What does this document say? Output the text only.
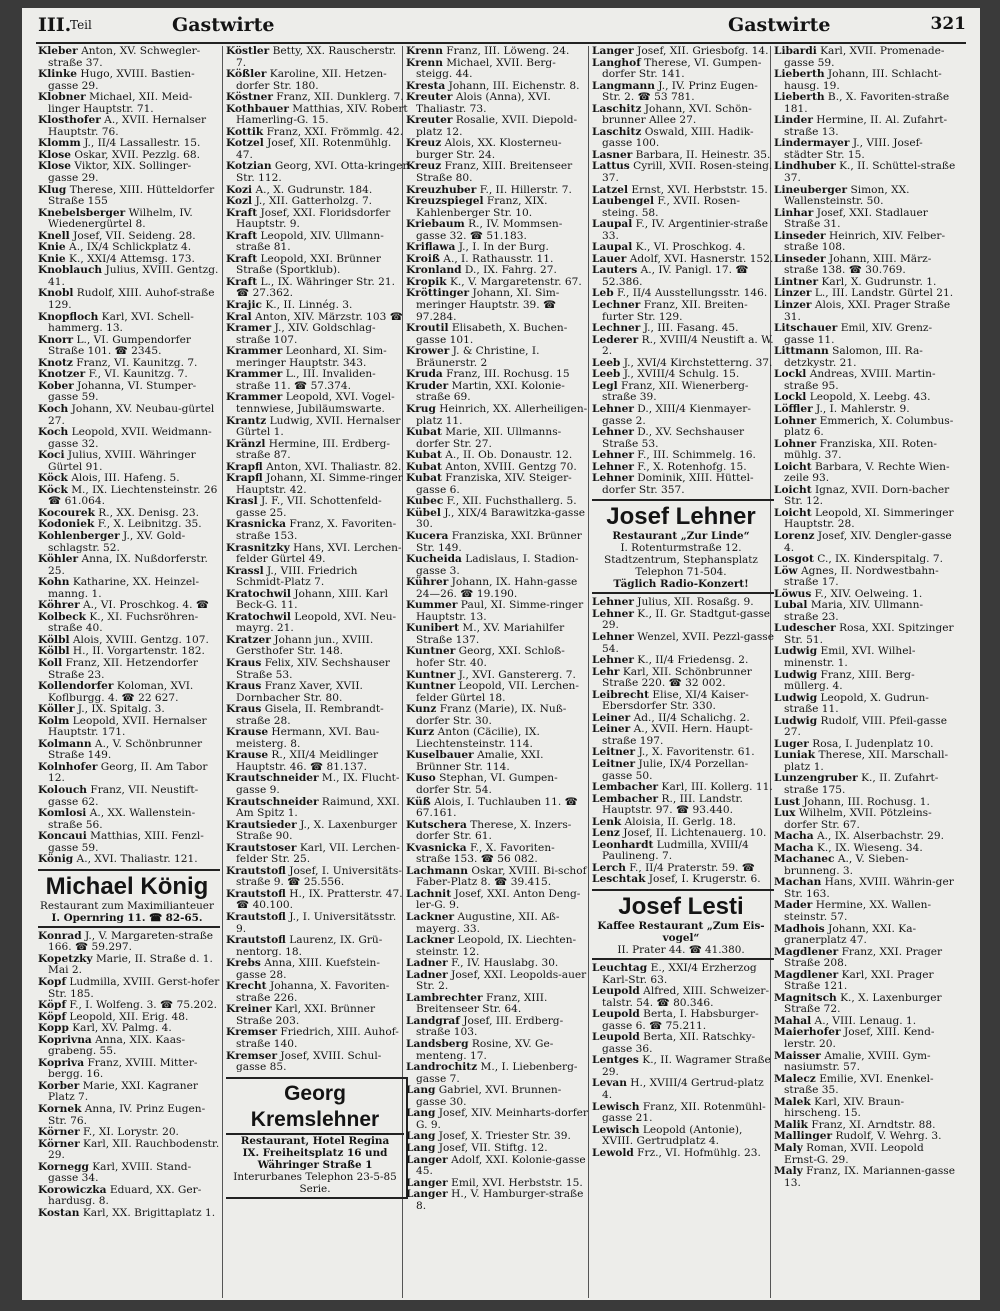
III.
Teil	Gastwirte	Gastwirte	321

Kleber Anton, XV. Schwegler-straße 37.

Klinke Hugo, XVIII. Bastien-gasse 29.

Klobner Michael, XII. Meid-linger Hauptstr. 71.

Klosthofer A., XVII. Hernalser Hauptstr. 76.

Klomm J., II/4 Lassallestr. 15.

Klose Oskar, XVII. Pezzlg. 68.

Klose Viktor, XIX. Sollinger-gasse 29.

Klug Therese, XIII. Hütteldorfer Straße 155

Knebelsberger Wilhelm, IV. Wiedenergürtel 8.

Knell Josef, VII. Seideng. 28.

Knie A., IX/4 Schlickplatz 4.

Knie K., XXI/4 Attemsg. 173.

Knoblauch Julius, XVIII. Gentzg. 41.

Knobl Rudolf, XIII. Auhof-straße 129.

Knopfloch Karl, XVI. Schell-hammerg. 13.

Knorr L., VI. Gumpendorfer Straße 101. ☎ 2345.

Knotz Franz, VI. Kaunitzg. 7.

Knotzer F., VI. Kaunitzg. 7.

Kober Johanna, VI. Stumper-gasse 59.

Koch Johann, XV. Neubau-gürtel 27.

Koch Leopold, XVII. Weidmann-gasse 32.

Koci Julius, XVIII. Währinger Gürtel 91.

Köck Alois, III. Hafeng. 5.

Köck M., IX. Liechtensteinstr. 26 ☎ 61.064.

Kocourek R., XX. Denisg. 23.

Kodoniek F., X. Leibnitzg. 35.

Kohlenberger J., XV. Gold-schlagstr. 52.

Köhler Anna, IX. Nußdorferstr. 25.

Kohn Katharine, XX. Heinzel-manng. 1.

Köhrer A., VI. Proschkog. 4. ☎

Kolbeck K., XI. Fuchsröhren-straße 40.

Kölbl Alois, XVIII. Gentzg. 107.

Kölbl H., II. Vorgartenstr. 182.

Koll Franz, XII. Hetzendorfer Straße 23.

Kollendorfer Koloman, XVI. Koflburgg. 4. ☎ 22 627.

Köller J., IX. Spitalg. 3.

Kolm Leopold, XVII. Hernalser Hauptstr. 171.

Kolmann A., V. Schönbrunner Straße 149.

Kolnhofer Georg, II. Am Tabor 12.

Kolouch Franz, VII. Neustift-gasse 62.

Komlosi A., XX. Wallenstein-straße 56.

Koncaui Matthias, XIII. Fenzl-gasse 59.

König A., XVI. Thaliastr. 121.

Michael König
Restaurant zum Maximilianteuer
I. Opernring 11. ☎ 82-65.

Konrad J., V. Margareten-straße 166. ☎ 59.297.

Kopetzky Marie, II. Straße d. 1. Mai 2.

Kopf Ludmilla, XVIII. Gerst-hofer Str. 185.

Köpf F., I. Wolfeng. 3. ☎ 75.202.

Köpf Leopold, XII. Erig. 48.

Kopp Karl, XV. Palmg. 4.

Koprivna Anna, XIX. Kaas-grabeng. 55.

Kopriva Franz, XVIII. Mitter-bergg. 16.

Korber Marie, XXI. Kagraner Platz 7.

Kornek Anna, IV. Prinz Eugen-Str. 76.

Körner F., XI. Lorystr. 20.

Körner Karl, XII. Rauchbodenstr. 29.

Kornegg Karl, XVIII. Stand-gasse 34.

Korowiczka Eduard, XX. Ger-hardusg. 8.

Kostan Karl, XX. Brigittaplatz 1.

Köstler Betty, XX. Rauscherstr. 7.

Kößler Karoline, XII. Hetzen-dorfer Str. 180.

Köstner Franz, XII. Dunklerg. 7.

Kothbauer Matthias, XIV. Robert Hamerling-G. 15.

Kottik Franz, XXI. Frömmlg. 42.

Kotzel Josef, XII. Rotenmühlg. 47.

Kotzian Georg, XVI. Otta-kringer Str. 112.

Kozi A., X. Gudrunstr. 184.

Kozl J., XII. Gatterholzg. 7.

Kraft Josef, XXI. Floridsdorfer Hauptstr. 9.

Kraft Leopold, XIV. Ullmann-straße 81.

Kraft Leopold, XXI. Brünner Straße (Sportklub).

Kraft L., IX. Währinger Str. 21. ☎ 27.362.

Krajic K., II. Linnég. 3.

Kral Anton, XIV. Märzstr. 103 ☎

Kramer J., XIV. Goldschlag-straße 107.

Krammer Leonhard, XI. Sim-meringer Hauptstr. 343.

Krammer L., III. Invaliden-straße 11. ☎ 57.374.

Krammer Leopold, XVI. Vogel-tennwiese, Jubiläumswarte.

Krantz Ludwig, XVII. Hernalser Gürtel 1.

Kränzl Hermine, III. Erdberg-straße 87.

Krapfl Anton, XVI. Thaliastr. 82.

Krapfl Johann, XI. Simme-ringer Hauptstr. 42.

Krasl J. F., VII. Schottenfeld-gasse 25.

Krasnicka Franz, X. Favoriten-straße 153.

Krasnitzky Hans, XVI. Lerchen-felder Gürtel 49.

Krassl J., VIII. Friedrich Schmidt-Platz 7.

Kratochwil Johann, XIII. Karl Beck-G. 11.

Kratochwil Leopold, XVI. Neu-mayrg. 21.

Kratzer Johann jun., XVIII. Gersthofer Str. 148.

Kraus Felix, XIV. Sechshauser Straße 53.

Kraus Franz Xaver, XVII. Dornbacher Str. 80.

Kraus Gisela, II. Rembrandt-straße 28.

Krause Hermann, XVI. Bau-meisterg. 8.

Krause R., XII/4 Meidlinger Hauptstr. 46. ☎ 81.137.

Krautschneider M., IX. Flucht-gasse 9.

Krautschneider Raimund, XXI. Am Spitz 1.

Krautsieder J., X. Laxenburger Straße 90.

Krautstoser Karl, VII. Lerchen-felder Str. 25.

Krautstofl Josef, I. Universitäts-straße 9. ☎ 25.556.

Krautstofl H., IX. Pratterstr. 47. ☎ 40.100.

Krautstofl J., I. Universitätsstr. 9.

Krautstofl Laurenz, IX. Grü-nentorg. 18.

Krebs Anna, XIII. Kuefstein-gasse 28.

Krecht Johanna, X. Favoriten-straße 226.

Kreiner Karl, XXI. Brünner Straße 203.

Kremser Friedrich, XIII. Auhof-straße 140.

Kremser Josef, XVIII. Schul-gasse 85.

Georg Kremslehner
Restaurant, Hotel Regina
IX. Freiheitsplatz 16 und Währinger Straße 1
Interurbanes Telephon 23-5-85 Serie.

Krenn Franz, III. Löweng. 24.

Krenn Michael, XVII. Berg-steigg. 44.

Kresta Johann, III. Eichenstr. 8.

Kreuter Alois (Anna), XVI. Thaliastr. 73.

Kreuter Rosalie, XVII. Diepold-platz 12.

Kreuz Alois, XX. Klosterneu-burger Str. 24.

Kreuz Franz, XIII. Breitenseer Straße 80.

Kreuzhuber F., II. Hillerstr. 7.

Kreuzspiegel Franz, XIX. Kahlenberger Str. 10.

Kriebaum R., IV. Mommsen-gasse 32. ☎ 51.183.

Kriflawa J., I. In der Burg.

Kroiß A., I. Rathausstr. 11.

Kronland D., IX. Fahrg. 27.

Kropik K., V. Margaretenstr. 67.

Kröttinger Johann, XI. Sim-meringer Hauptstr. 39. ☎ 97.284.

Kroutil Elisabeth, X. Buchen-gasse 101.

Krower J. & Christine, I. Bräunerstr. 2

Kruda Franz, III. Rochusg. 15

Kruder Martin, XXI. Kolonie-straße 69.

Krug Heinrich, XX. Allerheiligen-platz 11.

Kubat Marie, XII. Ullmanns-dorfer Str. 27.

Kubat A., II. Ob. Donaustr. 12.

Kubat Anton, XVIII. Gentzg 70.

Kubat Franziska, XIV. Steiger-gasse 6.

Kubec F., XII. Fuchsthallerg. 5.

Kübel J., XIX/4 Barawitzka-gasse 30.

Kucera Franziska, XXI. Brünner Str. 149.

Kucheida Ladislaus, I. Stadion-gasse 3.

Kührer Johann, IX. Hahn-gasse 24—26. ☎ 19.190.

Kummer Paul, XI. Simme-ringer Hauptstr. 13.

Kunibert M., XV. Mariahilfer Straße 137.

Kuntner Georg, XXI. Schloß-hofer Str. 40.

Kuntner J., XVI. Ganstererg. 7.

Kuntner Leopold, VII. Lerchen-felder Gürtel 18.

Kunz Franz (Marie), IX. Nuß-dorfer Str. 30.

Kurz Anton (Cäcilie), IX. Liechtensteinstr. 114.

Kuselbauer Amalie, XXI. Brünner Str. 114.

Kuso Stephan, VI. Gumpen-dorfer Str. 54.

Küß Alois, I. Tuchlauben 11. ☎ 67.161.

Kutschera Therese, X. Inzers-dorfer Str. 61.

Kvasnicka F., X. Favoriten-straße 153. ☎ 56 082.

Lachmann Oskar, XVIII. Bi-schof Faber-Platz 8. ☎ 39.415.

Lachnit Josef, XXI. Anton Deng-ler-G. 9.

Lackner Augustine, XII. Aß-mayerg. 33.

Lackner Leopold, IX. Liechten-steinstr. 12.

Ladner F., IV. Hauslabg. 30.

Ladner Josef, XXI. Leopolds-auer Str. 2.

Lambrechter Franz, XIII. Breitenseer Str. 64.

Landgraf Josef, III. Erdberg-straße 103.

Landsberg Rosine, XV. Ge-menteng. 17.

Landrochitz M., I. Liebenberg-gasse 7.

Lang Gabriel, XVI. Brunnen-gasse 30.

Lang Josef, XIV. Meinharts-dorfer G. 9.

Lang Josef, X. Triester Str. 39.

Lang Josef, VII. Stiftg. 12.

Langer Adolf, XXI. Kolonie-gasse 45.

Langer Emil, XVI. Herbststr. 15.

Langer H., V. Hamburger-straße 8.

Langer Josef, XII. Griesbofg. 14.

Langhof Therese, VI. Gumpen-dorfer Str. 141.

Langmann J., IV. Prinz Eugen-Str. 2. ☎ 53 781.

Laschitz Johann, XVI. Schön-brunner Allee 27.

Laschitz Oswald, XIII. Hadik-gasse 100.

Lasner Barbara, II. Heinestr. 35.

Lattus Cyrill, XVII. Rosen-steing. 37.

Latzel Ernst, XVI. Herbststr. 15.

Laubengel F., XVII. Rosen-steing. 58.

Laupal F., IV. Argentinier-straße 33.

Laupal K., VI. Proschkog. 4.

Lauer Adolf, XVI. Hasnerstr. 152.

Lauters A., IV. Panigl. 17. ☎ 52.386.

Leb F., II/4 Ausstellungsstr. 146.

Lechner Franz, XII. Breiten-furter Str. 129.

Lechner J., III. Fasang. 45.

Lederer R., XVIII/4 Neustift a. W. 2.

Leeb J., XVI/4 Kirchstetterng. 37.

Leeb J., XVIII/4 Schulg. 15.

Legl Franz, XII. Wienerberg-straße 39.

Lehner D., XIII/4 Kienmayer-gasse 2.

Lehner D., XV. Sechshauser Straße 53.

Lehner F., III. Schimmelg. 16.

Lehner F., X. Rotenhofg. 15.

Lehner Dominik, XIII. Hüttel-dorfer Str. 357.

Josef Lehner
Restaurant „Zur Linde“
I. Rotenturmstraße 12.
Stadtzentrum, Stephansplatz
Telephon 71-504.
Täglich Radio-Konzert!

Lehner Julius, XII. Rosaßg. 9.

Lehner K., II. Gr. Stadtgut-gasse 29.

Lehner Wenzel, XVII. Pezzl-gasse 54.

Lehner K., II/4 Friedensg. 2.

Lehr Karl, XII. Schönbrunner Straße 220. ☎ 32 002.

Leibrecht Elise, XI/4 Kaiser-Ebersdorfer Str. 330.

Leiner Ad., II/4 Schalichg. 2.

Leiner A., XVII. Hern. Haupt-straße 197.

Leitner J., X. Favoritenstr. 61.

Leitner Julie, IX/4 Porzellan-gasse 50.

Lembacher Karl, III. Kollerg. 11.

Lembacher R., III. Landstr. Hauptstr. 97. ☎ 93.440.

Lenk Aloisia, II. Gerlg. 18.

Lenz Josef, II. Lichtenauerg. 10.

Leonhardt Ludmilla, XVIII/4 Paulineng. 7.

Lerch F., II/4 Praterstr. 59. ☎

Leschtak Josef, I. Krugerstr. 6.

Josef Lesti
Kaffee Restaurant „Zum Eis-vogel“
II. Prater 44. ☎ 41.380.

Leuchtag E., XXI/4 Erzherzog Karl-Str. 63.

Leupold Alfred, XIII. Schweizer-talstr. 54. ☎ 80.346.

Leupold Berta, I. Habsburger-gasse 6. ☎ 75.211.

Leupold Berta, XII. Ratschky-gasse 36.

Lentges K., II. Wagramer Straße 29.

Levan H., XVIII/4 Gertrud-platz 4.

Lewisch Franz, XII. Rotenmühl-gasse 21.

Lewisch Leopold (Antonie), XVIII. Gertrudplatz 4.

Lewold Frz., VI. Hofmühlg. 23.

Libardi Karl, XVII. Promenade-gasse 59.

Lieberth Johann, III. Schlacht-hausg. 19.

Lieberth B., X. Favoriten-straße 181.

Linder Hermine, II. Al. Zufahrt-straße 13.

Lindermayer J., VIII. Josef-städter Str. 15.

Lindhuber K., II. Schüttel-straße 37.

Lineuberger Simon, XX. Wallensteinstr. 50.

Linhar Josef, XXI. Stadlauer Straße 31.

Linseder Heinrich, XIV. Felber-straße 108.

Linseder Johann, XIII. März-straße 138. ☎ 30.769.

Lintner Karl, X. Gudrunstr. 1.

Linzer L., III. Landstr. Gürtel 21.

Linzer Alois, XXI. Prager Straße 31.

Litschauer Emil, XIV. Grenz-gasse 11.

Littmann Salomon, III. Ra-detzkystr. 21.

Lockl Andreas, XVIII. Martin-straße 95.

Lockl Leopold, X. Leebg. 43.

Löffler J., I. Mahlerstr. 9.

Lohner Emmerich, X. Columbus-platz 6.

Lohner Franziska, XII. Roten-mühlg. 37.

Loicht Barbara, V. Rechte Wien-zeile 93.

Loicht Ignaz, XVII. Dorn-bacher Str. 12.

Loicht Leopold, XI. Simmeringer Hauptstr. 28.

Lorenz Josef, XIV. Dengler-gasse 4.

Losgot C., IX. Kinderspitalg. 7.

Löw Agnes, II. Nordwestbahn-straße 17.

Löwus F., XIV. Oelweing. 1.

Lubal Maria, XIV. Ullmann-straße 23.

Ludescher Rosa, XXI. Spitzinger Str. 51.

Ludwig Emil, XVI. Wilhel-minenstr. 1.

Ludwig Franz, XIII. Berg-müllerg. 4.

Ludwig Leopold, X. Gudrun-straße 11.

Ludwig Rudolf, VIII. Pfeil-gasse 27.

Luger Rosa, I. Judenplatz 10.

Luniak Therese, XII. Marschall-platz 1.

Lunzengruber K., II. Zufahrt-straße 175.

Lust Johann, III. Rochusg. 1.

Lux Wilhelm, XVII. Pötzleins-dorfer Str. 67.

Macha A., IX. Alserbachstr. 29.

Macha K., IX. Wieseng. 34.

Machanec A., V. Sieben-brunneng. 3.

Machan Hans, XVIII. Währin-ger Str. 163.

Mader Hermine, XX. Wallen-steinstr. 57.

Madhois Johann, XXI. Ka-granerplatz 47.

Magdlener Franz, XXI. Prager Straße 208.

Magdlener Karl, XXI. Prager Straße 121.

Magnitsch K., X. Laxenburger Straße 72.

Mahal A., VIII. Lenaug. 1.

Maierhofer Josef, XIII. Kend-lerstr. 20.

Maisser Amalie, XVIII. Gym-nasiumstr. 57.

Malecz Emilie, XVI. Enenkel-straße 35.

Malek Karl, XIV. Braun-hirscheng. 15.

Malik Franz, XI. Arndtstr. 88.

Mallinger Rudolf, V. Wehrg. 3.

Maly Roman, XVII. Leopold Ernst-G. 29.

Maly Franz, IX. Mariannen-gasse 13.
